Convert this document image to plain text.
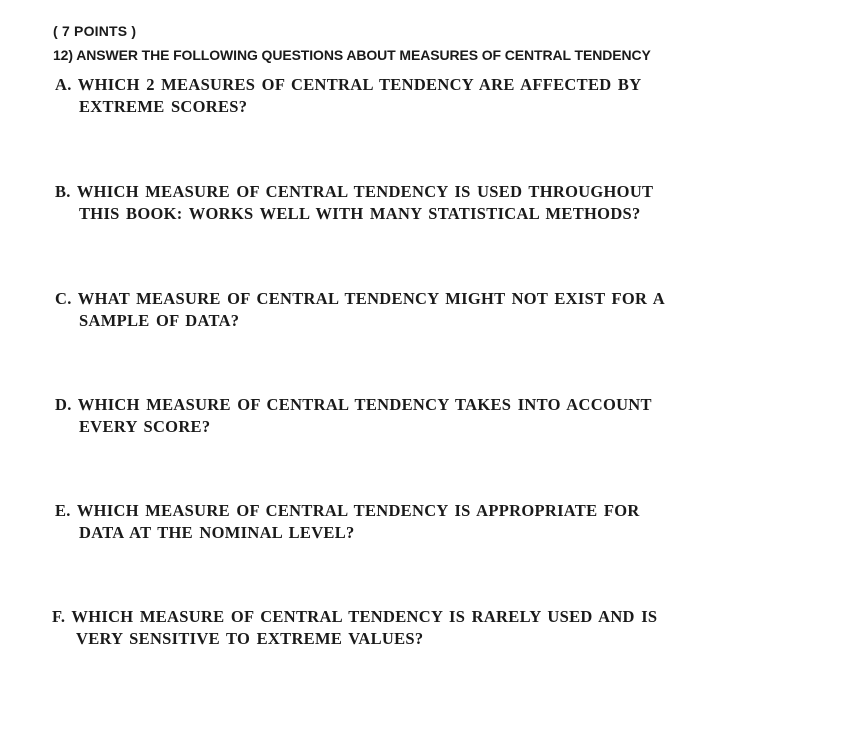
( 7 POINTS )
12) ANSWER THE FOLLOWING QUESTIONS ABOUT MEASURES OF CENTRAL TENDENCY
A. WHICH 2 MEASURES OF CENTRAL TENDENCY ARE AFFECTED BY
EXTREME SCORES?
B. WHICH MEASURE OF CENTRAL TENDENCY IS USED THROUGHOUT
THIS BOOK: WORKS WELL WITH MANY STATISTICAL METHODS?
C. WHAT MEASURE OF CENTRAL TENDENCY MIGHT NOT EXIST FOR A
SAMPLE OF DATA?
D. WHICH MEASURE OF CENTRAL TENDENCY TAKES INTO ACCOUNT
EVERY SCORE?
E. WHICH MEASURE OF CENTRAL TENDENCY IS APPROPRIATE FOR
DATA AT THE NOMINAL LEVEL?
F. WHICH MEASURE OF CENTRAL TENDENCY IS RARELY USED AND IS
VERY SENSITIVE TO EXTREME VALUES?
